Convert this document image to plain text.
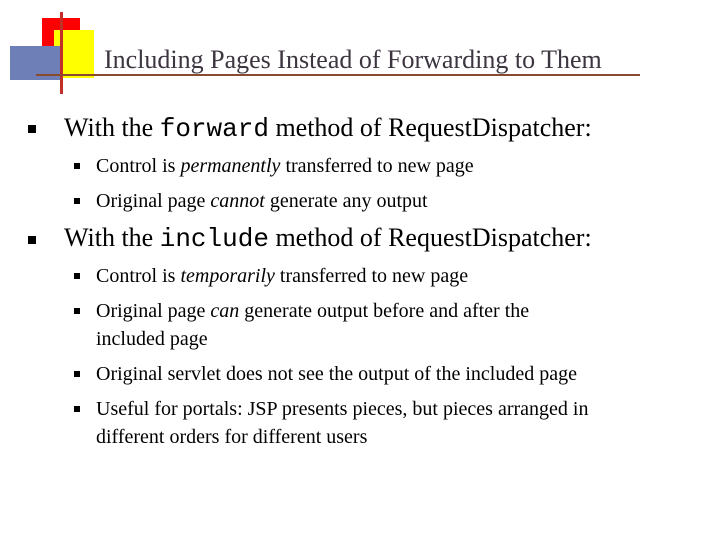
Including Pages Instead of Forwarding to Them
With the forward method of RequestDispatcher:
Control is permanently transferred to new page
Original page cannot generate any output
With the include method of RequestDispatcher:
Control is temporarily transferred to new page
Original page can generate output before and after the
included page
Original servlet does not see the output of the included page
Useful for portals: JSP presents pieces, but pieces arranged in
different orders for different users
